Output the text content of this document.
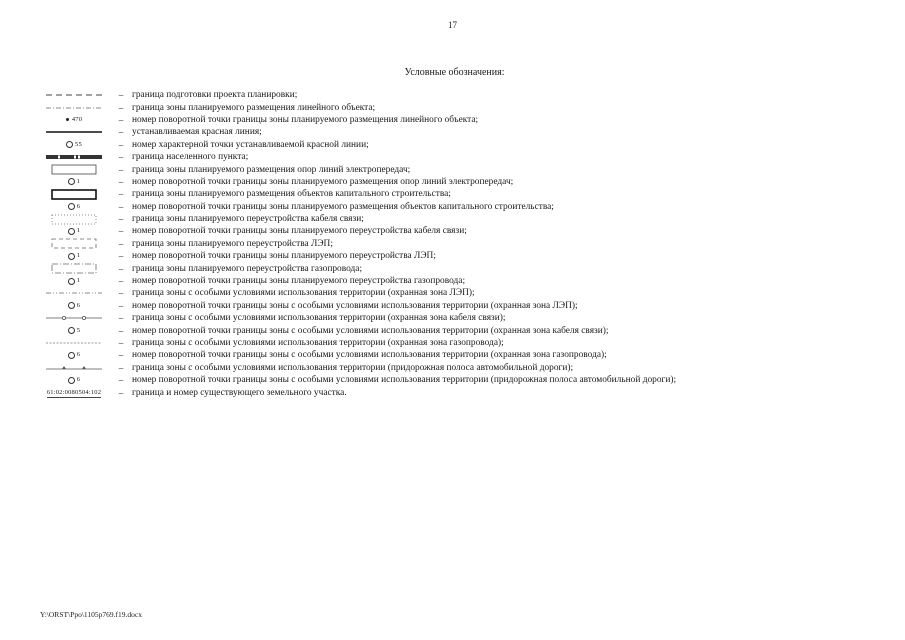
17
Условные обозначения:
– граница подготовки проекта планировки;
– граница зоны планируемого размещения линейного объекта;
470	– номер поворотной точки границы зоны планируемого размещения линейного объекта;
– устанавливаемая красная линия;
55	– номер характерной точки устанавливаемой красной линии;
– граница населенного пункта;
– граница зоны планируемого размещения опор линий электропередач;
1	– номер поворотной точки границы зоны планируемого размещения опор линий электропередач;
– граница зоны планируемого размещения объектов капитального строительства;
6	– номер поворотной точки границы зоны планируемого размещения объектов капитального строительства;
– граница зоны планируемого переустройства кабеля связи;
1	– номер поворотной точки границы зоны планируемого переустройства кабеля связи;
– граница зоны планируемого переустройства ЛЭП;
1	– номер поворотной точки границы зоны планируемого переустройства ЛЭП;
– граница зоны планируемого переустройства газопровода;
1	– номер поворотной точки границы зоны планируемого переустройства газопровода;
– граница зоны с особыми условиями использования территории (охранная зона ЛЭП);
6	– номер поворотной точки границы зоны с особыми условиями использования территории (охранная зона ЛЭП);
– граница зоны с особыми условиями использования территории (охранная зона кабеля связи);
5	– номер поворотной точки границы зоны с особыми условиями использования территории (охранная зона кабеля связи);
– граница зоны с особыми условиями использования территории (охранная зона газопровода);
6	– номер поворотной точки границы зоны с особыми условиями использования территории (охранная зона газопровода);
– граница зоны с особыми условиями использования территории (придорожная полоса автомобильной дороги);
6	– номер поворотной точки границы зоны с особыми условиями использования территории (придорожная полоса автомобильной дороги);
61:02:0080504:102	– граница и номер существующего земельного участка.
Y:\ORST\Ppo\1105p769.f19.docx
